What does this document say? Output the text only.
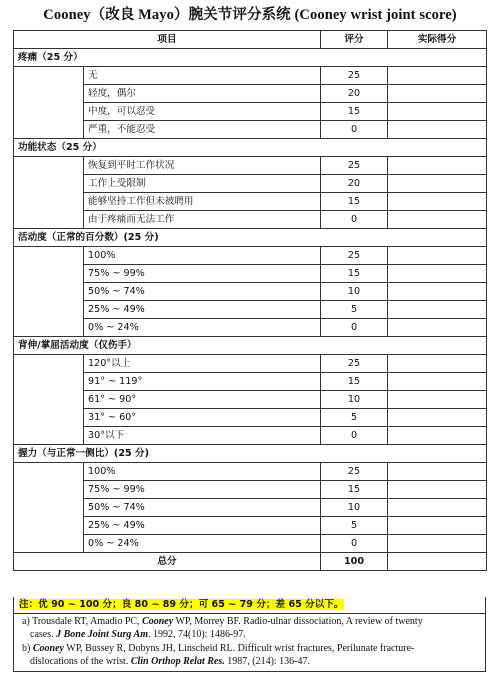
Cooney（改良 Mayo）腕关节评分系统 (Cooney wrist joint score)
项目		评分	实际得分
疼痛（25 分）			
	无	25	
	轻度，偶尔	20	
	中度，可以忍受	15	
	严重，不能忍受	0	
功能状态（25 分）			
	恢复到平时工作状况	25	
	工作上受限制	20	
	能够坚持工作但未被聘用	15	
	由于疼痛而无法工作	0	
活动度（正常的百分数）(25 分)			
	100%	25	
	75% ~ 99%	15	
	50% ~ 74%	10	
	25% ~ 49%	5	
	0% ~ 24%	0	
背伸/掌屈活动度（仅伤手）			
	120°以上	25	
	91° ~ 119°	15	
	61° ~ 90°	10	
	31° ~ 60°	5	
	30°以下	0	
握力（与正常一侧比）(25 分)			
	100%	25	
	75% ~ 99%	15	
	50% ~ 74%	10	
	25% ~ 49%	5	
	0% ~ 24%	0	
总分		100	
注：优 90 ~ 100 分；良 80 ~ 89 分；可 65 ~ 79 分；差 65 分以下。
a) Trousdale RT, Amadio PC, Cooney WP, Morrey BF. Radio-ulnar dissociation, A review of twenty
cases. J Bone Joint Surg Am. 1992, 74(10): 1486-97.
b) Cooney WP, Bussey R, Dobyns JH, Linscheid RL. Difficult wrist fractures, Perilunate fracture-
dislocations of the wrist. Clin Orthop Relat Res. 1987, (214): 136-47.
